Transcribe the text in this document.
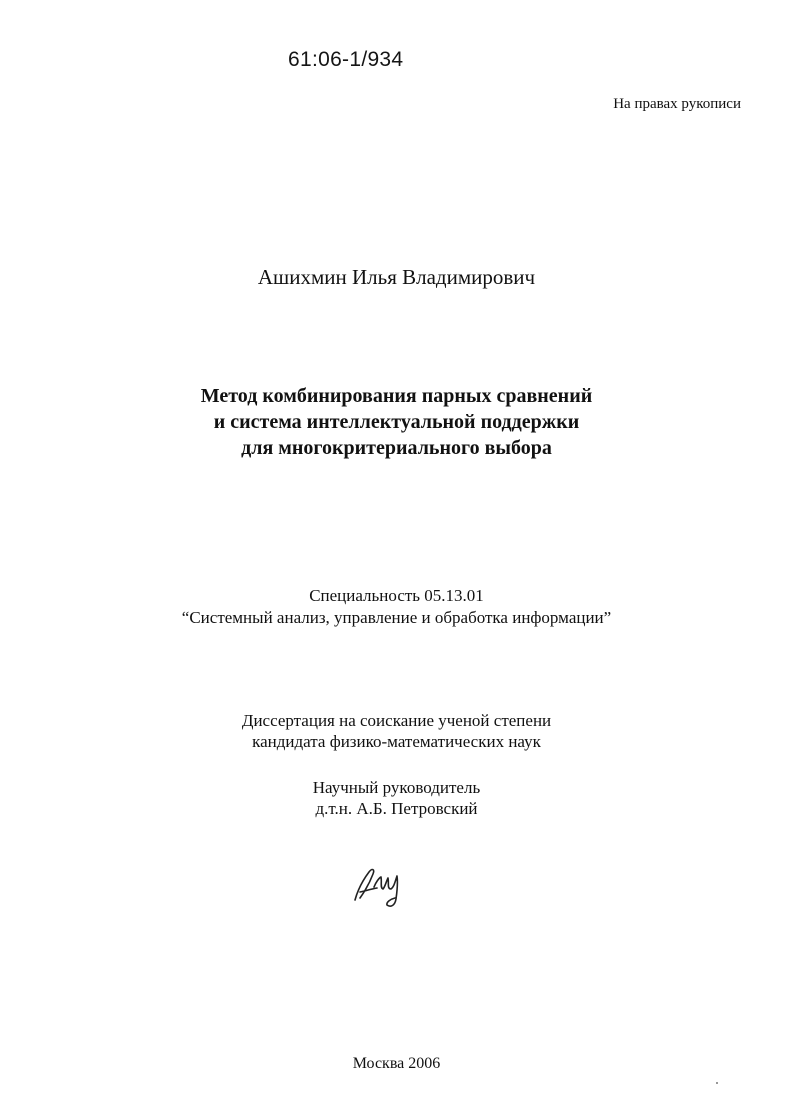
61:06-1/934
На правах рукописи
Ашихмин Илья Владимирович
Метод комбинирования парных сравнений
и система интеллектуальной поддержки
для многокритериального выбора
Специальность 05.13.01
“Системный анализ, управление и обработка информации”
Диссертация на соискание ученой степени
кандидата физико-математических наук
Научный руководитель
д.т.н. А.Б. Петровский
Москва 2006
